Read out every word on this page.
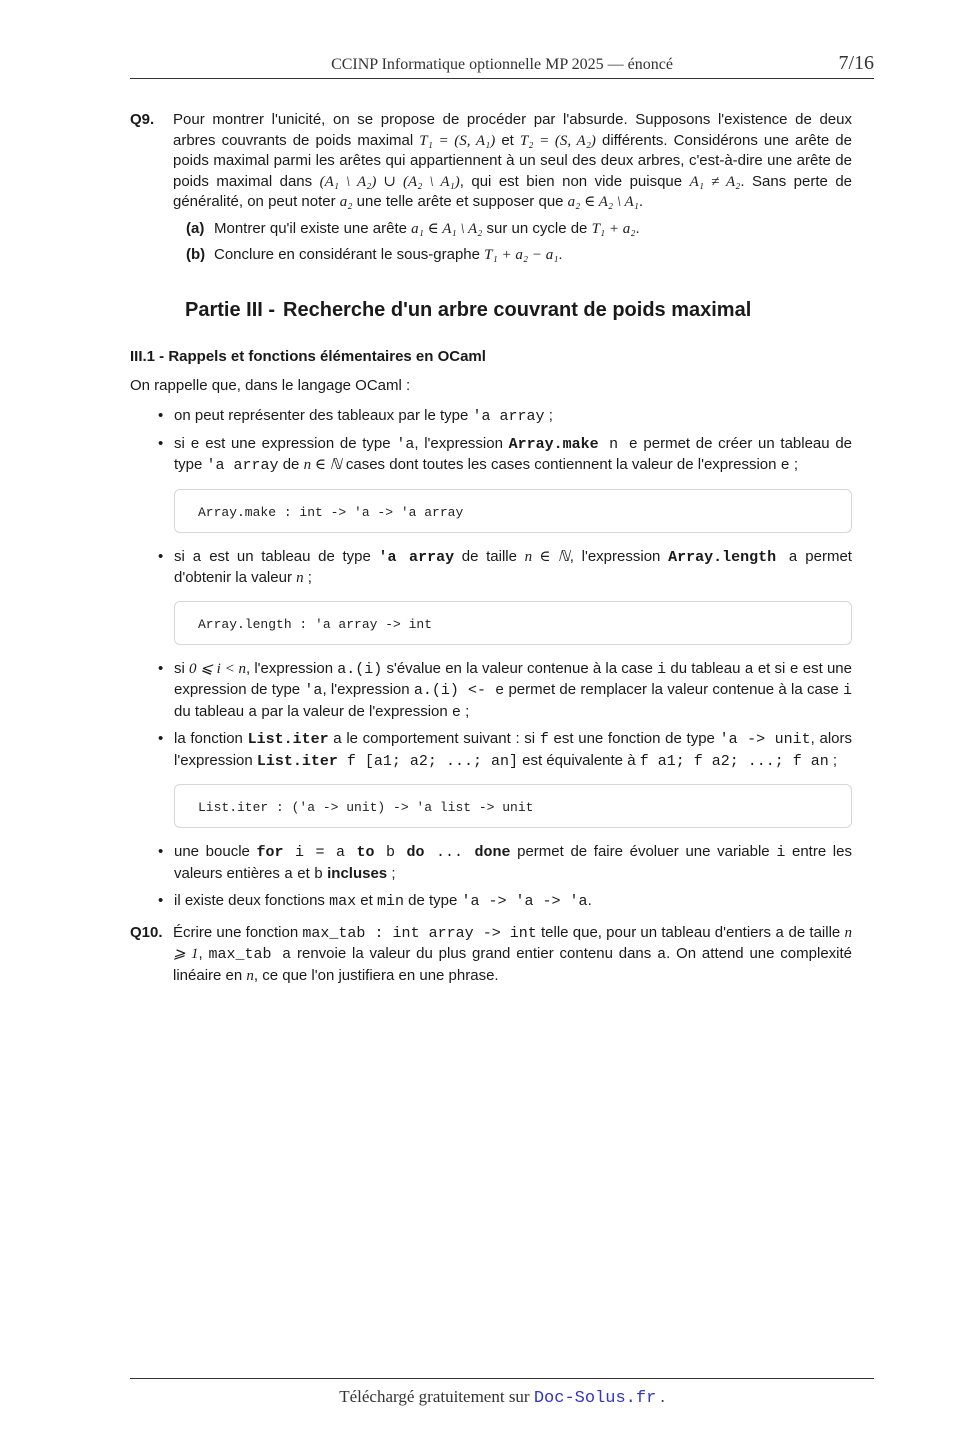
CCINP Informatique optionnelle MP 2025 — énoncé	7/16
Q9. Pour montrer l'unicité, on se propose de procéder par l'absurde. Supposons l'existence de deux arbres couvrants de poids maximal T₁ = (S, A₁) et T₂ = (S, A₂) différents. Considérons une arête de poids maximal parmi les arêtes qui appartiennent à un seul des deux arbres, c'est-à-dire une arête de poids maximal dans (A₁ \ A₂) ∪ (A₂ \ A₁), qui est bien non vide puisque A₁ ≠ A₂. Sans perte de généralité, on peut noter a₂ une telle arête et supposer que a₂ ∈ A₂ \ A₁.
(a) Montrer qu'il existe une arête a₁ ∈ A₁ \ A₂ sur un cycle de T₁ + a₂.
(b) Conclure en considérant le sous-graphe T₁ + a₂ − a₁.
Partie III - Recherche d'un arbre couvrant de poids maximal
III.1 - Rappels et fonctions élémentaires en OCaml
On rappelle que, dans le langage OCaml :
• on peut représenter des tableaux par le type 'a array ;
• si e est une expression de type 'a, l'expression Array.make n e permet de créer un tableau de type 'a array de n ∈ ℕ cases dont toutes les cases contiennent la valeur de l'expression e ;
Array.make : int -> 'a -> 'a array
• si a est un tableau de type 'a array de taille n ∈ ℕ, l'expression Array.length a permet d'obtenir la valeur n ;
Array.length : 'a array -> int
• si 0 ⩽ i < n, l'expression a.(i) s'évalue en la valeur contenue à la case i du tableau a et si e est une expression de type 'a, l'expression a.(i) <- e permet de remplacer la valeur contenue à la case i du tableau a par la valeur de l'expression e ;
• la fonction List.iter a le comportement suivant : si f est une fonction de type 'a -> unit, alors l'expression List.iter f [a1; a2; ...; an] est équivalente à f a1; f a2; ...; f an ;
List.iter : ('a -> unit) -> 'a list -> unit
• une boucle for i = a to b do ... done permet de faire évoluer une variable i entre les valeurs entières a et b incluses ;
• il existe deux fonctions max et min de type 'a -> 'a -> 'a.
Q10. Écrire une fonction max_tab : int array -> int telle que, pour un tableau d'entiers a de taille n ⩾ 1, max_tab a renvoie la valeur du plus grand entier contenu dans a. On attend une complexité linéaire en n, ce que l'on justifiera en une phrase.
Téléchargé gratuitement sur Doc-Solus.fr .
